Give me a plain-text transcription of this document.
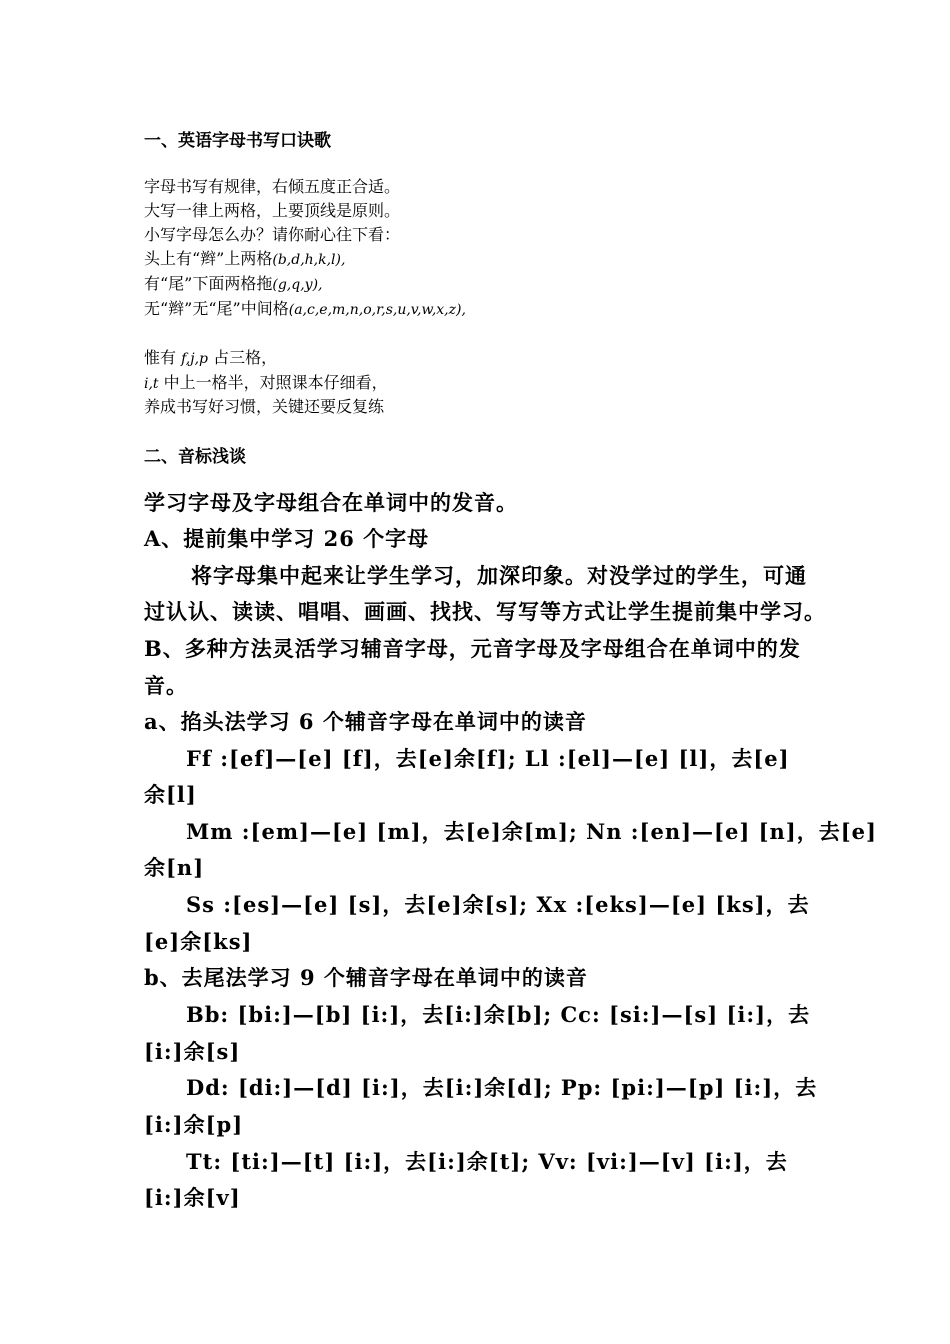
一、英语字母书写口诀歌
字母书写有规律，右倾五度正合适。
大写一律上两格，上要顶线是原则。
小写字母怎么办？请你耐心往下看：
头上有“辫”上两格(b,d,h,k,l),
有“尾”下面两格拖(g,q,y),
无“辫”无“尾”中间格(a,c,e,m,n,o,r,s,u,v,w,x,z),
惟有 f,j,p 占三格，
i,t 中上一格半，对照课本仔细看，
养成书写好习惯，关键还要反复练
二、音标浅谈
学习字母及字母组合在单词中的发音。
A、提前集中学习 26 个字母
将字母集中起来让学生学习，加深印象。对没学过的学生，可通
过认认、读读、唱唱、画画、找找、写写等方式让学生提前集中学习。
B、多种方法灵活学习辅音字母，元音字母及字母组合在单词中的发
音。
a、掐头法学习 6 个辅音字母在单词中的读音
Ff :[ef]—[e] [f]，去[e]余[f]; Ll :[el]—[e] [l]，去[e]
余[l]
Mm :[em]—[e] [m]，去[e]余[m]; Nn :[en]—[e] [n]，去[e]
余[n]
Ss :[es]—[e] [s]，去[e]余[s]; Xx :[eks]—[e] [ks]，去
[e]余[ks]
b、去尾法学习 9 个辅音字母在单词中的读音
Bb: [bi:]—[b] [i:]，去[i:]余[b]; Cc: [si:]—[s] [i:]，去
[i:]余[s]
Dd: [di:]—[d] [i:]，去[i:]余[d]; Pp: [pi:]—[p] [i:]，去
[i:]余[p]
Tt: [ti:]—[t] [i:]，去[i:]余[t]; Vv: [vi:]—[v] [i:]，去
[i:]余[v]
